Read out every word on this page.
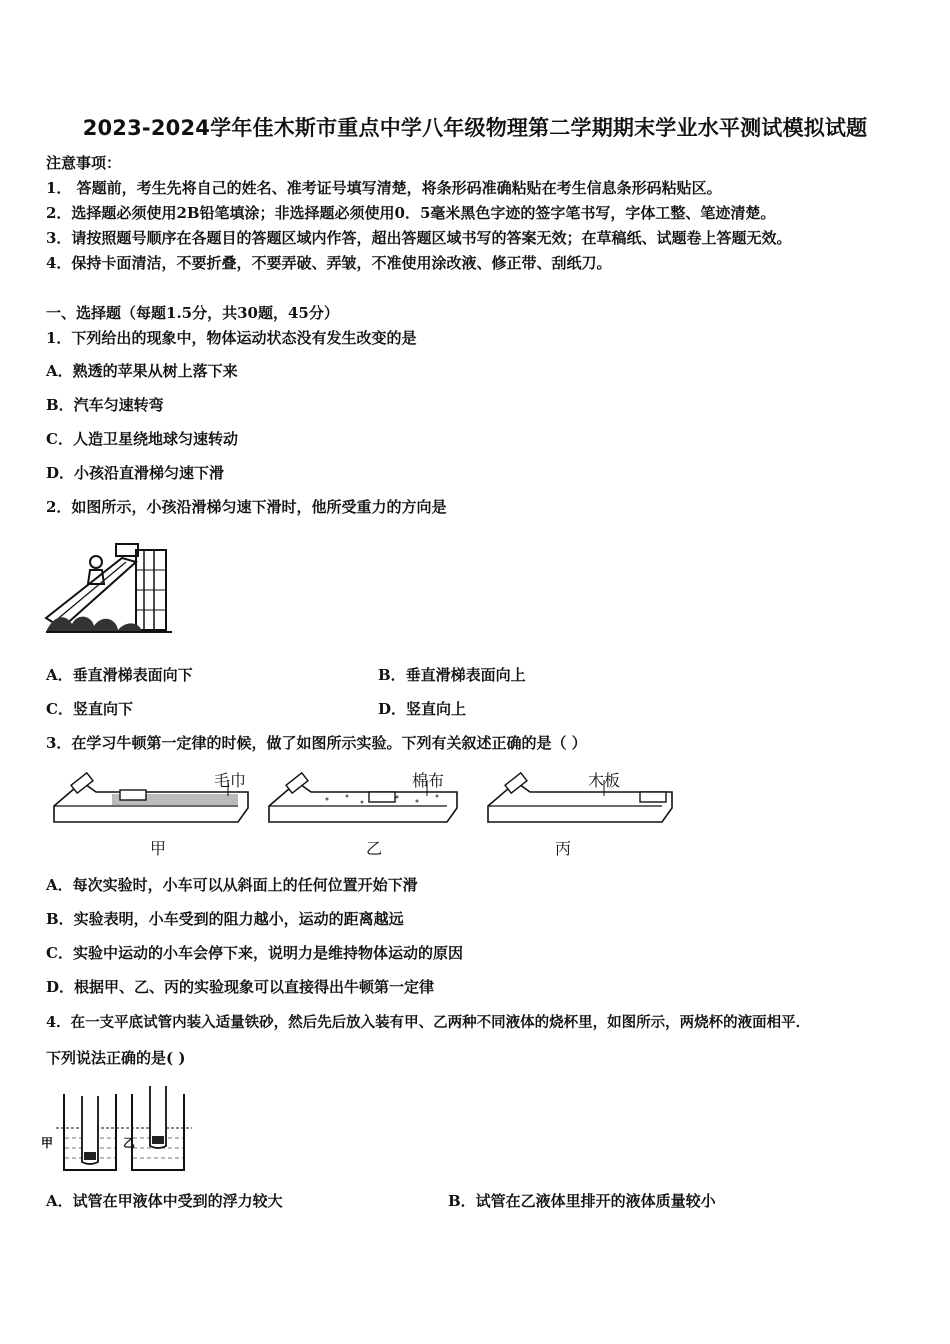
2023-2024学年佳木斯市重点中学八年级物理第二学期期末学业水平测试模拟试题
注意事项：
1． 答题前，考生先将自己的姓名、准考证号填写清楚，将条形码准确粘贴在考生信息条形码粘贴区。
2．选择题必须使用2B铅笔填涂；非选择题必须使用0．5毫米黑色字迹的签字笔书写，字体工整、笔迹清楚。
3．请按照题号顺序在各题目的答题区域内作答，超出答题区域书写的答案无效；在草稿纸、试题卷上答题无效。
4．保持卡面清洁，不要折叠，不要弄破、弄皱，不准使用涂改液、修正带、刮纸刀。
一、选择题（每题1.5分，共30题，45分）
1．下列给出的现象中，物体运动状态没有发生改变的是
A．熟透的苹果从树上落下来
B．汽车匀速转弯
C．人造卫星绕地球匀速转动
D．小孩沿直滑梯匀速下滑
2．如图所示，小孩沿滑梯匀速下滑时，他所受重力的方向是
A．垂直滑梯表面向下	B．垂直滑梯表面向上
C．竖直向下	D．竖直向上
3．在学习牛顿第一定律的时候，做了如图所示实验。下列有关叙述正确的是（ ）
毛巾	棉布	木板
甲	乙	丙
A．每次实验时，小车可以从斜面上的任何位置开始下滑
B．实验表明，小车受到的阻力越小，运动的距离越远
C．实验中运动的小车会停下来，说明力是维持物体运动的原因
D．根据甲、乙、丙的实验现象可以直接得出牛顿第一定律
4．在一支平底试管内装入适量铁砂，然后先后放入装有甲、乙两种不同液体的烧杯里，如图所示，两烧杯的液面相平．
下列说法正确的是( )
甲	乙
A．试管在甲液体中受到的浮力较大	B．试管在乙液体里排开的液体质量较小
